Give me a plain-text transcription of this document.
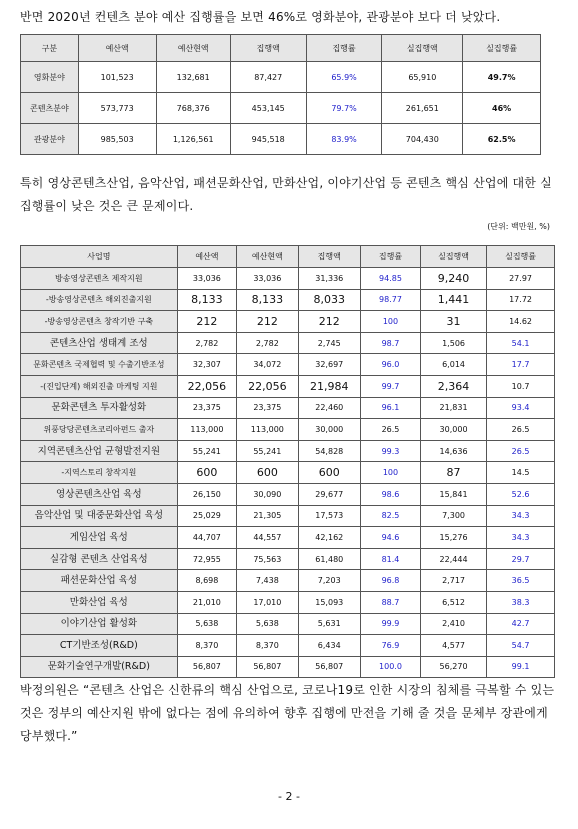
반면 2020년 컨텐츠 분야 예산 집행률을 보면 46%로 영화분야, 관광분야 보다 더 낮았다.
구분	예산액	예산현액	집행액	집행률	실집행액	실집행률
영화분야	101,523	132,681	87,427	65.9%	65,910	49.7%
콘텐츠분야	573,773	768,376	453,145	79.7%	261,651	46%
관광분야	985,503	1,126,561	945,518	83.9%	704,430	62.5%
특히 영상콘텐츠산업, 음악산업, 패션문화산업, 만화산업, 이야기산업 등 콘텐츠 핵심 산업에 대한 실집행률이 낮은 것은 큰 문제이다.
(단위: 백만원, %)
사업명	예산액	예산현액	집행액	집행률	실집행액	실집행률
방송영상콘텐츠 제작지원	33,036	33,036	31,336	94.85	9,240	27.97
-방송영상콘텐츠 해외진출지원	8,133	8,133	8,033	98.77	1,441	17.72
-방송영상콘텐츠 창작기반 구축	212	212	212	100	31	14.62
콘텐츠산업 생태계 조성	2,782	2,782	2,745	98.7	1,506	54.1
문화콘텐츠 국제협력 및 수출기반조성	32,307	34,072	32,697	96.0	6,014	17.7
-(진입단계) 해외진출 마케팅 지원	22,056	22,056	21,984	99.7	2,364	10.7
문화콘텐츠 투자활성화	23,375	23,375	22,460	96.1	21,831	93.4
위풍당당콘텐츠코리아펀드 출자	113,000	113,000	30,000	26.5	30,000	26.5
지역콘텐츠산업 균형발전지원	55,241	55,241	54,828	99.3	14,636	26.5
-지역스토리 창작지원	600	600	600	100	87	14.5
영상콘텐츠산업 육성	26,150	30,090	29,677	98.6	15,841	52.6
음악산업 및 대중문화산업 육성	25,029	21,305	17,573	82.5	7,300	34.3
게임산업 육성	44,707	44,557	42,162	94.6	15,276	34.3
실감형 콘텐츠 산업육성	72,955	75,563	61,480	81.4	22,444	29.7
패션문화산업 육성	8,698	7,438	7,203	96.8	2,717	36.5
만화산업 육성	21,010	17,010	15,093	88.7	6,512	38.3
이야기산업 활성화	5,638	5,638	5,631	99.9	2,410	42.7
CT기반조성(R&D)	8,370	8,370	6,434	76.9	4,577	54.7
문화기술연구개발(R&D)	56,807	56,807	56,807	100.0	56,270	99.1
박정의원은 “콘텐츠 산업은 신한류의 핵심 산업으로, 코로나19로 인한 시장의 침체를 극복할 수 있는 것은 정부의 예산지원 밖에 없다는 점에 유의하여 향후 집행에 만전을 기해 줄 것을 문체부 장관에게 당부했다.”
- 2 -
